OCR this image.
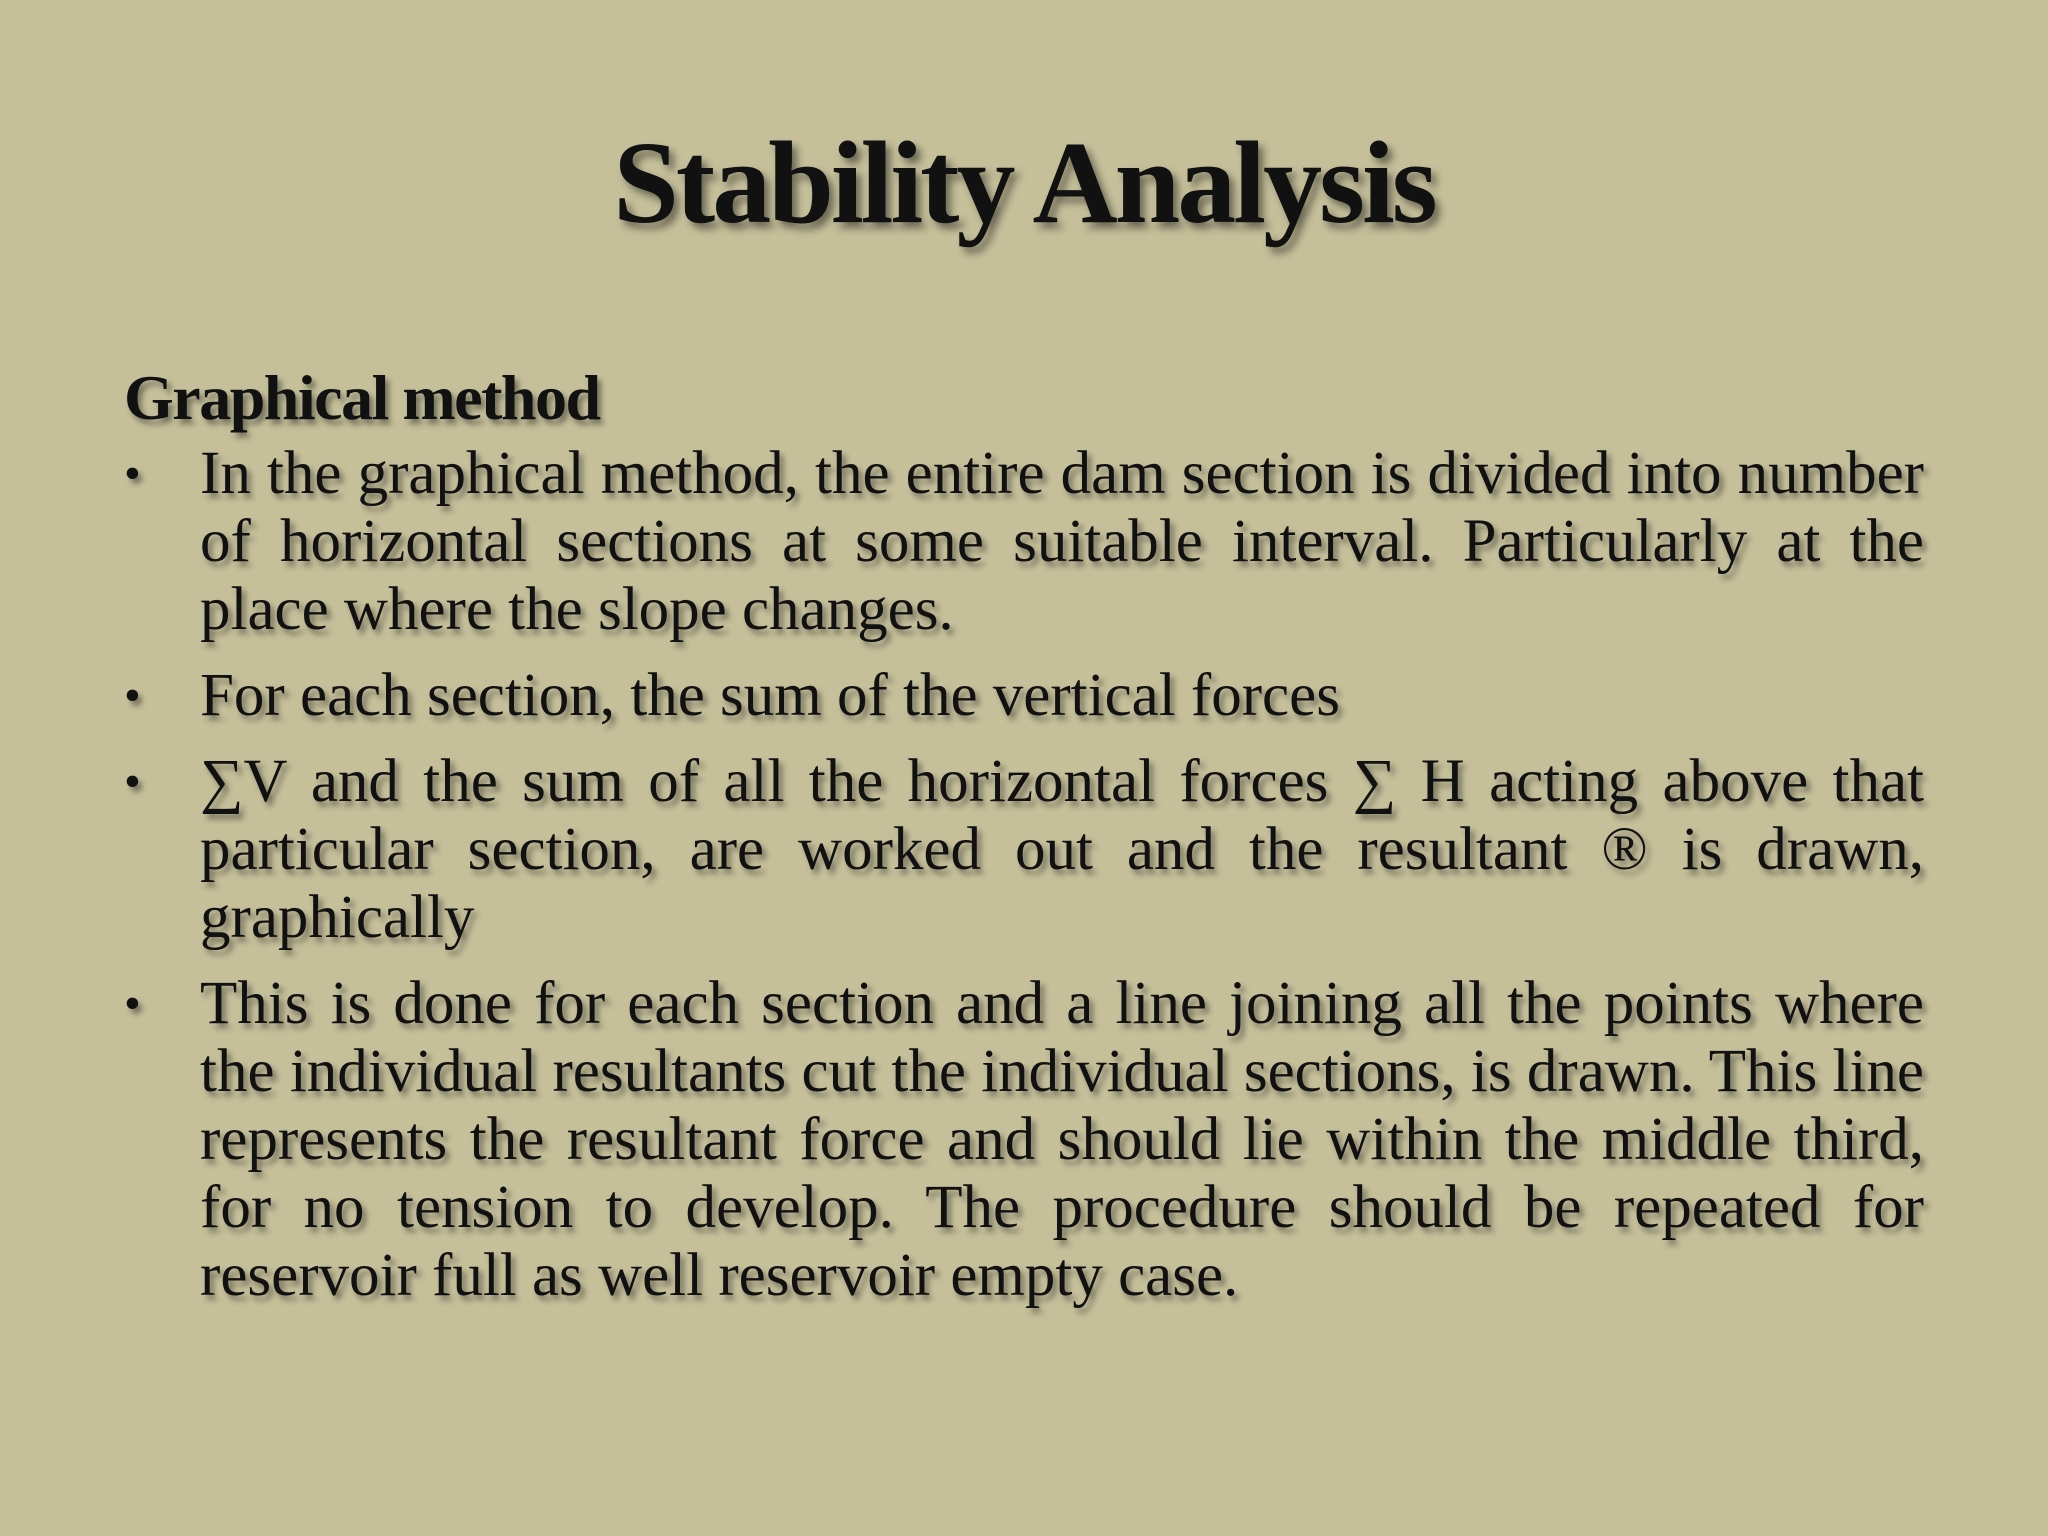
Stability Analysis
Graphical method
• In the graphical method, the entire dam section is divided into number of horizontal sections at some suitable interval. Particularly at the place where the slope changes.
• For each section, the sum of the vertical forces
• ∑V and the sum of all the horizontal forces ∑ H acting above that particular section, are worked out and the resultant ® is drawn, graphically
• This is done for each section and a line joining all the points where the individual resultants cut the individual sections, is drawn. This line represents the resultant force and should lie within the middle third, for no tension to develop. The procedure should be repeated for reservoir full as well reservoir empty case.
